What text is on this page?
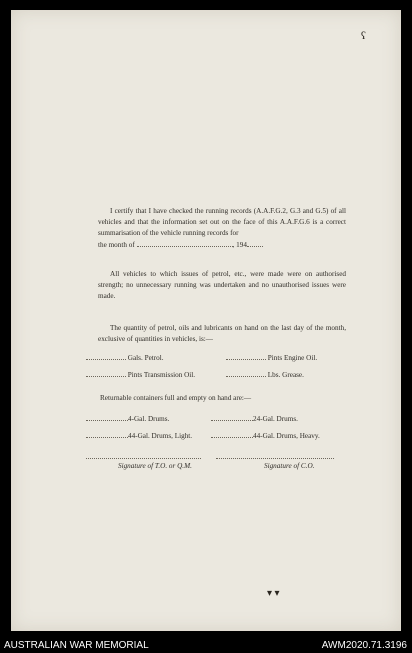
ʕ
I certify that I have checked the running records (A.A.F.G.2, G.3 and G.5) of all vehicles and that the information set out on the face of this A.A.F.G.6 is a correct summarisation of the vehicle running records for
the month of	, 194
All vehicles to which issues of petrol, etc., were made were on authorised strength; no unnecessary running was undertaken and no unauthorised issues were made.
The quantity of petrol, oils and lubricants on hand on the last day of the month, exclusive of quantities in vehicles, is:—
Gals. Petrol.	Pints Engine Oil.
Pints Transmission Oil.	Lbs. Grease.
Returnable containers full and empty on hand are:—
4-Gal. Drums.	24-Gal. Drums.
44-Gal. Drums, Light.	44-Gal. Drums, Heavy.
Signature of T.O. or Q.M.	Signature of C.O.
▾ ▾
AUSTRALIAN WAR MEMORIAL	AWM2020.71.3196
